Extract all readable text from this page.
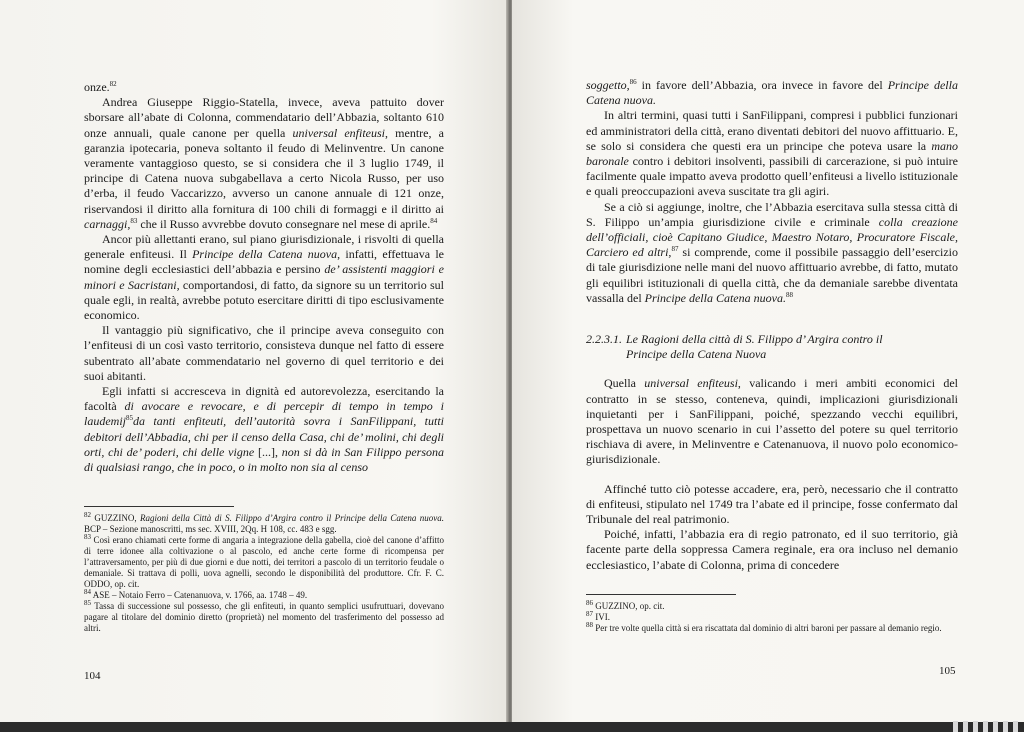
onze.$^{82}$

Andrea Giuseppe Riggio-Statella, invece, aveva pattuito dover sborsare all’abate di Colonna, commendatario dell’Abbazia, soltanto 610 onze annuali, quale canone per quella universal enfiteusi, mentre, a garanzia ipotecaria, poneva soltanto il feudo di Melinventre. Un canone veramente vantaggioso questo, se si considera che il 3 luglio 1749, il principe di Catena nuova subgabellava a certo Nicola Russo, per uso d’erba, il feudo Vaccarizzo, avverso un canone annuale di 121 onze, riservandosi il diritto alla fornitura di 100 chili di formaggi e il diritto ai carnaggi,$^{83}$ che il Russo avvrebbe dovuto consegnare nel mese di aprile.$^{84}$

Ancor più allettanti erano, sul piano giurisdizionale, i risvolti di quella generale enfiteusi. Il Principe della Catena nuova, infatti, effettuava le nomine degli ecclesiastici dell’abbazia e persino de’ assistenti maggiori e minori e Sacristani, comportandosi, di fatto, da signore su un territorio sul quale egli, in realtà, avrebbe potuto esercitare diritti di tipo esclusivamente economico.

Il vantaggio più significativo, che il principe aveva conseguito con l’enfiteusi di un così vasto territorio, consisteva dunque nel fatto di essere subentrato all’abate commendatario nel governo di quel territorio e dei suoi abitanti.

Egli infatti si accresceva in dignità ed autorevolezza, esercitando la facoltà di avocare e revocare, e di percepir di tempo in tempo i laudemij$^{85}$da tanti enfiteuti, dell’autorità sovra i SanFilippani, tutti debitori dell’Abbadia, chi per il censo della Casa, chi de’ molini, chi degli orti, chi de’ poderi, chi delle vigne [...], non si dà in San Filippo persona di qualsiasi rango, che in poco, o in molto non sia al censo

$^{82}$ GUZZINO, Ragioni della Città di S. Filippo d’Argira contro il Principe della Catena nuova. BCP – Sezione manoscritti, ms sec. XVIII, 2Qq. H 108, cc. 483 e sgg.

$^{83}$ Così erano chiamati certe forme di angaria a integrazione della gabella, cioè del canone d’affitto di terre idonee alla coltivazione o al pascolo, ed anche certe forme di ricompensa per l’attraversamento, per più di due giorni e due notti, dei territori a pascolo di un territorio feudale o demaniale. Si trattava di polli, uova agnelli, secondo le disponibilità del produttore. Cfr. F. C. ODDO, op. cit.

$^{84}$ ASE – Notaio Ferro – Catenanuova, v. 1766, aa. 1748 – 49.

$^{85}$ Tassa di successione sul possesso, che gli enfiteuti, in quanto semplici usufruttuari, dovevano pagare al titolare del dominio diretto (proprietà) nel momento del trasferimento del possesso ad altri.

104

soggetto,$^{86}$ in favore dell’Abbazia, ora invece in favore del Principe della Catena nuova.

In altri termini, quasi tutti i SanFilippani, compresi i pubblici funzionari ed amministratori della città, erano diventati debitori del nuovo affittuario. E, se solo si considera che questi era un principe che poteva usare la mano baronale contro i debitori insolventi, passibili di carcerazione, si può intuire facilmente quale impatto aveva prodotto quell’enfiteusi a livello istituzionale e quali preoccupazioni aveva suscitate tra gli agiri.

Se a ciò si aggiunge, inoltre, che l’Abbazia esercitava sulla stessa città di S. Filippo un’ampia giurisdizione civile e criminale colla creazione dell’officiali, cioè Capitano Giudice, Maestro Notaro, Procuratore Fiscale, Carciero ed altri,$^{87}$ si comprende, come il possibile passaggio dell’esercizio di tale giurisdizione nelle mani del nuovo affittuario avrebbe, di fatto, mutato gli equilibri istituzionali di quella città, che da demaniale sarebbe diventata vassalla del Principe della Catena nuova.$^{88}$

2.2.3.1. Le Ragioni della città di S. Filippo d’ Argira contro il
Principe della Catena Nuova

Quella universal enfiteusi, valicando i meri ambiti economici del contratto in se stesso, conteneva, quindi, implicazioni giurisdizionali inquietanti per i SanFilippani, poiché, spezzando vecchi equilibri, prospettava un nuovo scenario in cui l’assetto del potere su quel territorio rischiava di avere, in Melinventre e Catenanuova, il nuovo polo economico-giurisdizionale.

Affinché tutto ciò potesse accadere, era, però, necessario che il contratto di enfiteusi, stipulato nel 1749 tra l’abate ed il principe, fosse confermato dal Tribunale del real patrimonio.

Poiché, infatti, l’abbazia era di regio patronato, ed il suo territorio, già facente parte della soppressa Camera reginale, era ora incluso nel demanio ecclesiastico, l’abate di Colonna, prima di concedere

$^{86}$ GUZZINO, op. cit.

$^{87}$ IVI.

$^{88}$ Per tre volte quella città si era riscattata dal dominio di altri baroni per passare al demanio regio.

105
